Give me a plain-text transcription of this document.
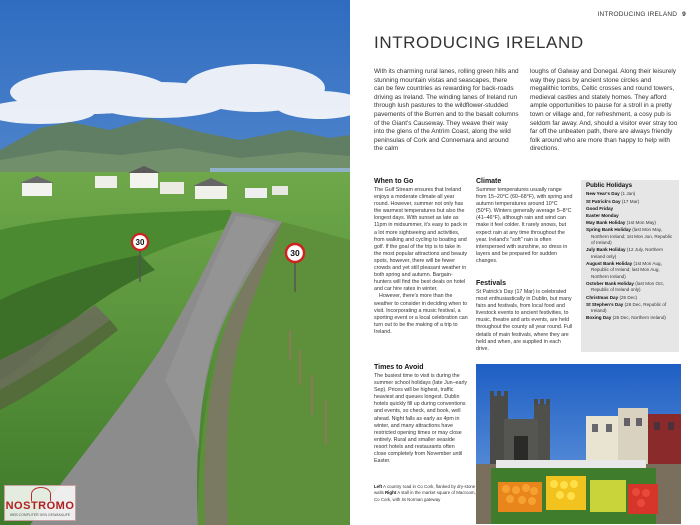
30
30
NOSTROMO
WEB COMPUTER DEN GEWAKAUFE
INTRODUCING IRELAND 9
INTRODUCING IRELAND

With its charming rural lanes, rolling green hills and stunning mountain vistas and seascapes, there can be few countries as rewarding for back-roads driving as Ireland. The winding lanes of Ireland run through lush pastures to the wildflower-studded pavements of the Burren and to the basalt columns of the Giant's Causeway. They weave their way into the glens of the Antrim Coast, along the wild peninsulas of Cork and Connemara and around the calm

loughs of Galway and Donegal. Along their leisurely way they pass by ancient stone circles and megalithic tombs, Celtic crosses and round towers, medieval castles and stately homes. They afford ample opportunities to pause for a stroll in a pretty town or village and, for refreshment, a cosy pub is seldom far away. And, should a visitor ever stray too far off the unbeaten path, there are always friendly folk around who are more than happy to help with directions.

When to Go

The Gulf Stream ensures that Ireland enjoys a moderate climate all year round. However, summer not only has the warmest temperatures but also the longest days. With sunset as late as 11pm in midsummer, it's easy to pack in a lot more sightseeing and activities, from walking and cycling to boating and golf. If the goal of the trip is to take in the most popular attractions and beauty spots, however, there will be fewer crowds and yet still pleasant weather in both spring and autumn. Bargain-hunters will find the best deals on hotel and car hire rates in winter.

However, there's more than the weather to consider in deciding when to visit. Incorporating a music festival, a sporting event or a local celebration can turn out to be the making of a trip to Ireland.

Times to Avoid

The busiest time to visit is during the summer school holidays (late Jun–early Sep). Prices will be highest, traffic heaviest and queues longest. Dublin hotels quickly fill up during conventions and events, so check, and book, well ahead. Night falls as early as 4pm in winter, and many attractions have restricted opening times or may close entirely. Rural and smaller seaside resort hotels and restaurants often close completely from November until Easter.

Climate

Summer temperatures usually range from 15–20°C (60–68°F), with spring and autumn temperatures around 10°C (50°F). Winters generally average 5–8°C (41–46°F), although rain and wind can make it feel colder. It rarely snows, but expect rain at any time throughout the year. Ireland's "soft" rain is often interspersed with sunshine, so dress in layers and be prepared for sudden changes.

Festivals

St Patrick's Day (17 Mar) is celebrated most enthusiastically in Dublin, but many fairs and festivals, from local food and livestock events to ancient festivities, to music, theatre and arts events, are held throughout the county all year round. Full details of main festivals, where they are held and when, are supplied in each drive.

Public Holidays
New Year's Day (1 Jan)
St Patrick's Day (17 Mar)
Good Friday
Easter Monday
May Bank Holiday (1st Mon May)
Spring Bank Holiday (last Mon May, Northern Ireland; 1st Mon Jun, Republic of Ireland)
July Bank Holiday (12 July, Northern Ireland only)
August Bank Holiday (1st Mon Aug, Republic of Ireland; last Mon Aug, Northern Ireland)
October Bank Holiday (last Mon Oct, Republic of Ireland only)
Christmas Day (25 Dec)
St Stephen's Day (26 Dec, Republic of Ireland)
Boxing Day (26 Dec, Northern Ireland)

Left A country road in Co Cork, flanked by dry-stone walls Right A stall in the market square of Macroom, Co Cork, with its Norman gateway
